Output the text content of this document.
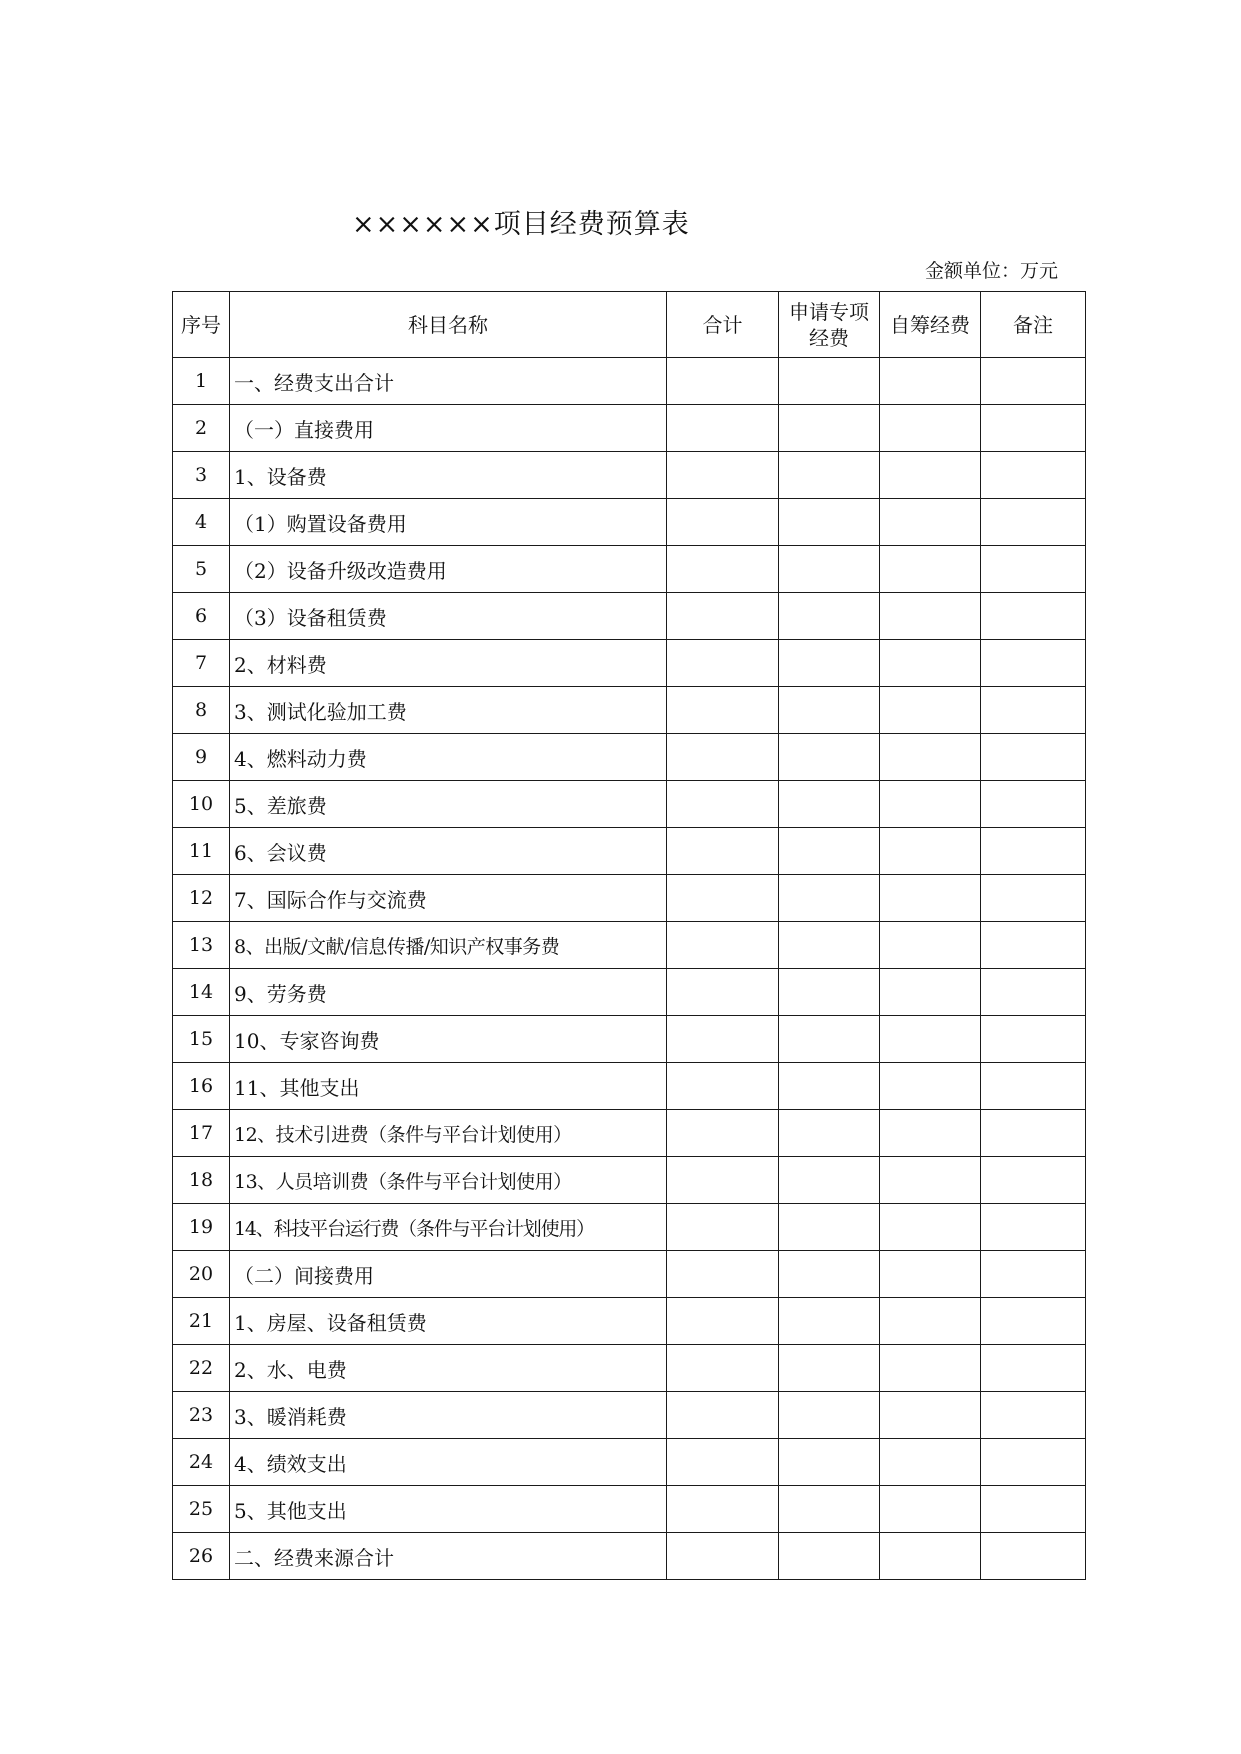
××××××项目经费预算表
金额单位：万元
序号	科目名称	合计	申请专项经费	自筹经费	备注
1	一、经费支出合计				
2	（一）直接费用				
3	1、设备费				
4	（1）购置设备费用				
5	（2）设备升级改造费用				
6	（3）设备租赁费				
7	2、材料费				
8	3、测试化验加工费				
9	4、燃料动力费				
10	5、差旅费				
11	6、会议费				
12	7、国际合作与交流费				
13	8、出版/文献/信息传播/知识产权事务费				
14	9、劳务费				
15	10、专家咨询费				
16	11、其他支出				
17	12、技术引进费（条件与平台计划使用）				
18	13、人员培训费（条件与平台计划使用）				
19	14、科技平台运行费（条件与平台计划使用）				
20	（二）间接费用				
21	1、房屋、设备租赁费				
22	2、水、电费				
23	3、暖消耗费				
24	4、绩效支出				
25	5、其他支出				
26	二、经费来源合计				
